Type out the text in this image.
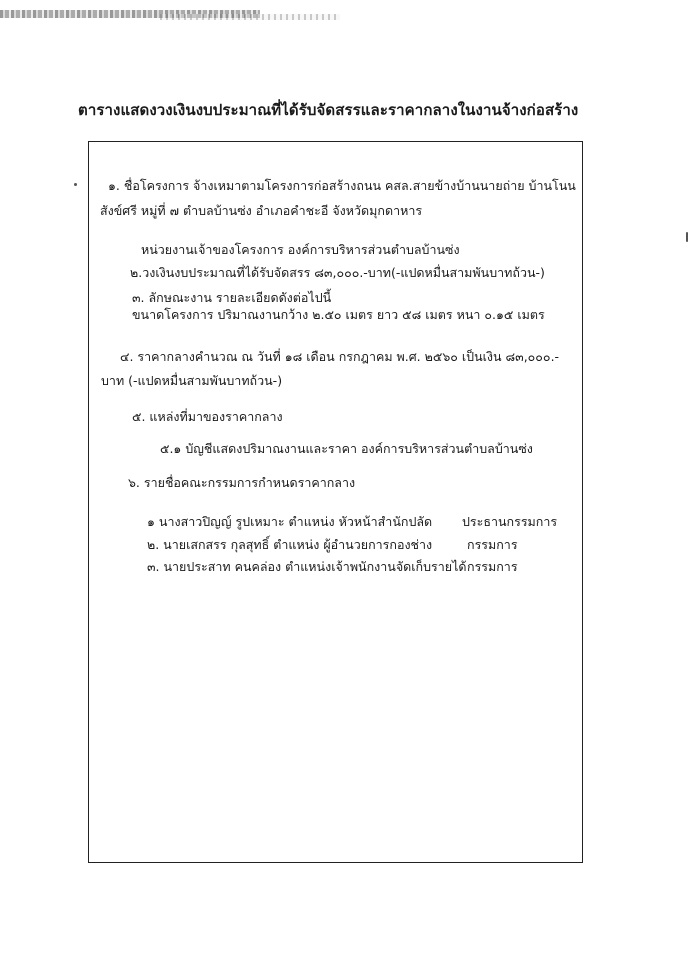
ตารางแสดงวงเงินงบประมาณที่ได้รับจัดสรรและราคากลางในงานจ้างก่อสร้าง
๑. ชื่อโครงการ จ้างเหมาตามโครงการก่อสร้างถนน คสล.สายข้างบ้านนายถ่าย บ้านโนน
สังข์ศรี หมู่ที่ ๗ ตำบลบ้านซ่ง อำเภอคำชะอี จังหวัดมุกดาหาร
หน่วยงานเจ้าของโครงการ องค์การบริหารส่วนตำบลบ้านซ่ง
๒.วงเงินงบประมาณที่ได้รับจัดสรร ๘๓,๐๐๐.-บาท(-แปดหมื่นสามพันบาทถ้วน-)
๓. ลักษณะงาน รายละเอียดดังต่อไปนี้
ขนาดโครงการ ปริมาณงานกว้าง ๒.๕๐ เมตร ยาว ๕๘ เมตร หนา ๐.๑๕ เมตร
๔. ราคากลางคำนวณ ณ วันที่ ๑๘ เดือน กรกฎาคม พ.ศ. ๒๕๖๐ เป็นเงิน ๘๓,๐๐๐.-
บาท (-แปดหมื่นสามพันบาทถ้วน-)
๕. แหล่งที่มาของราคากลาง
๕.๑ บัญชีแสดงปริมาณงานและราคา องค์การบริหารส่วนตำบลบ้านซ่ง
๖. รายชื่อคณะกรรมการกำหนดราคากลาง
๑ นางสาวปิญญ์ รูปเหมาะ ตำแหน่ง หัวหน้าสำนักปลัด ประธานกรรมการ
๒. นายเสกสรร กุลสุทธิ์ ตำแหน่ง ผู้อำนวยการกองช่าง	กรรมการ
๓. นายประสาท คนคล่อง ตำแหน่งเจ้าพนักงานจัดเก็บรายได้ กรรมการ
